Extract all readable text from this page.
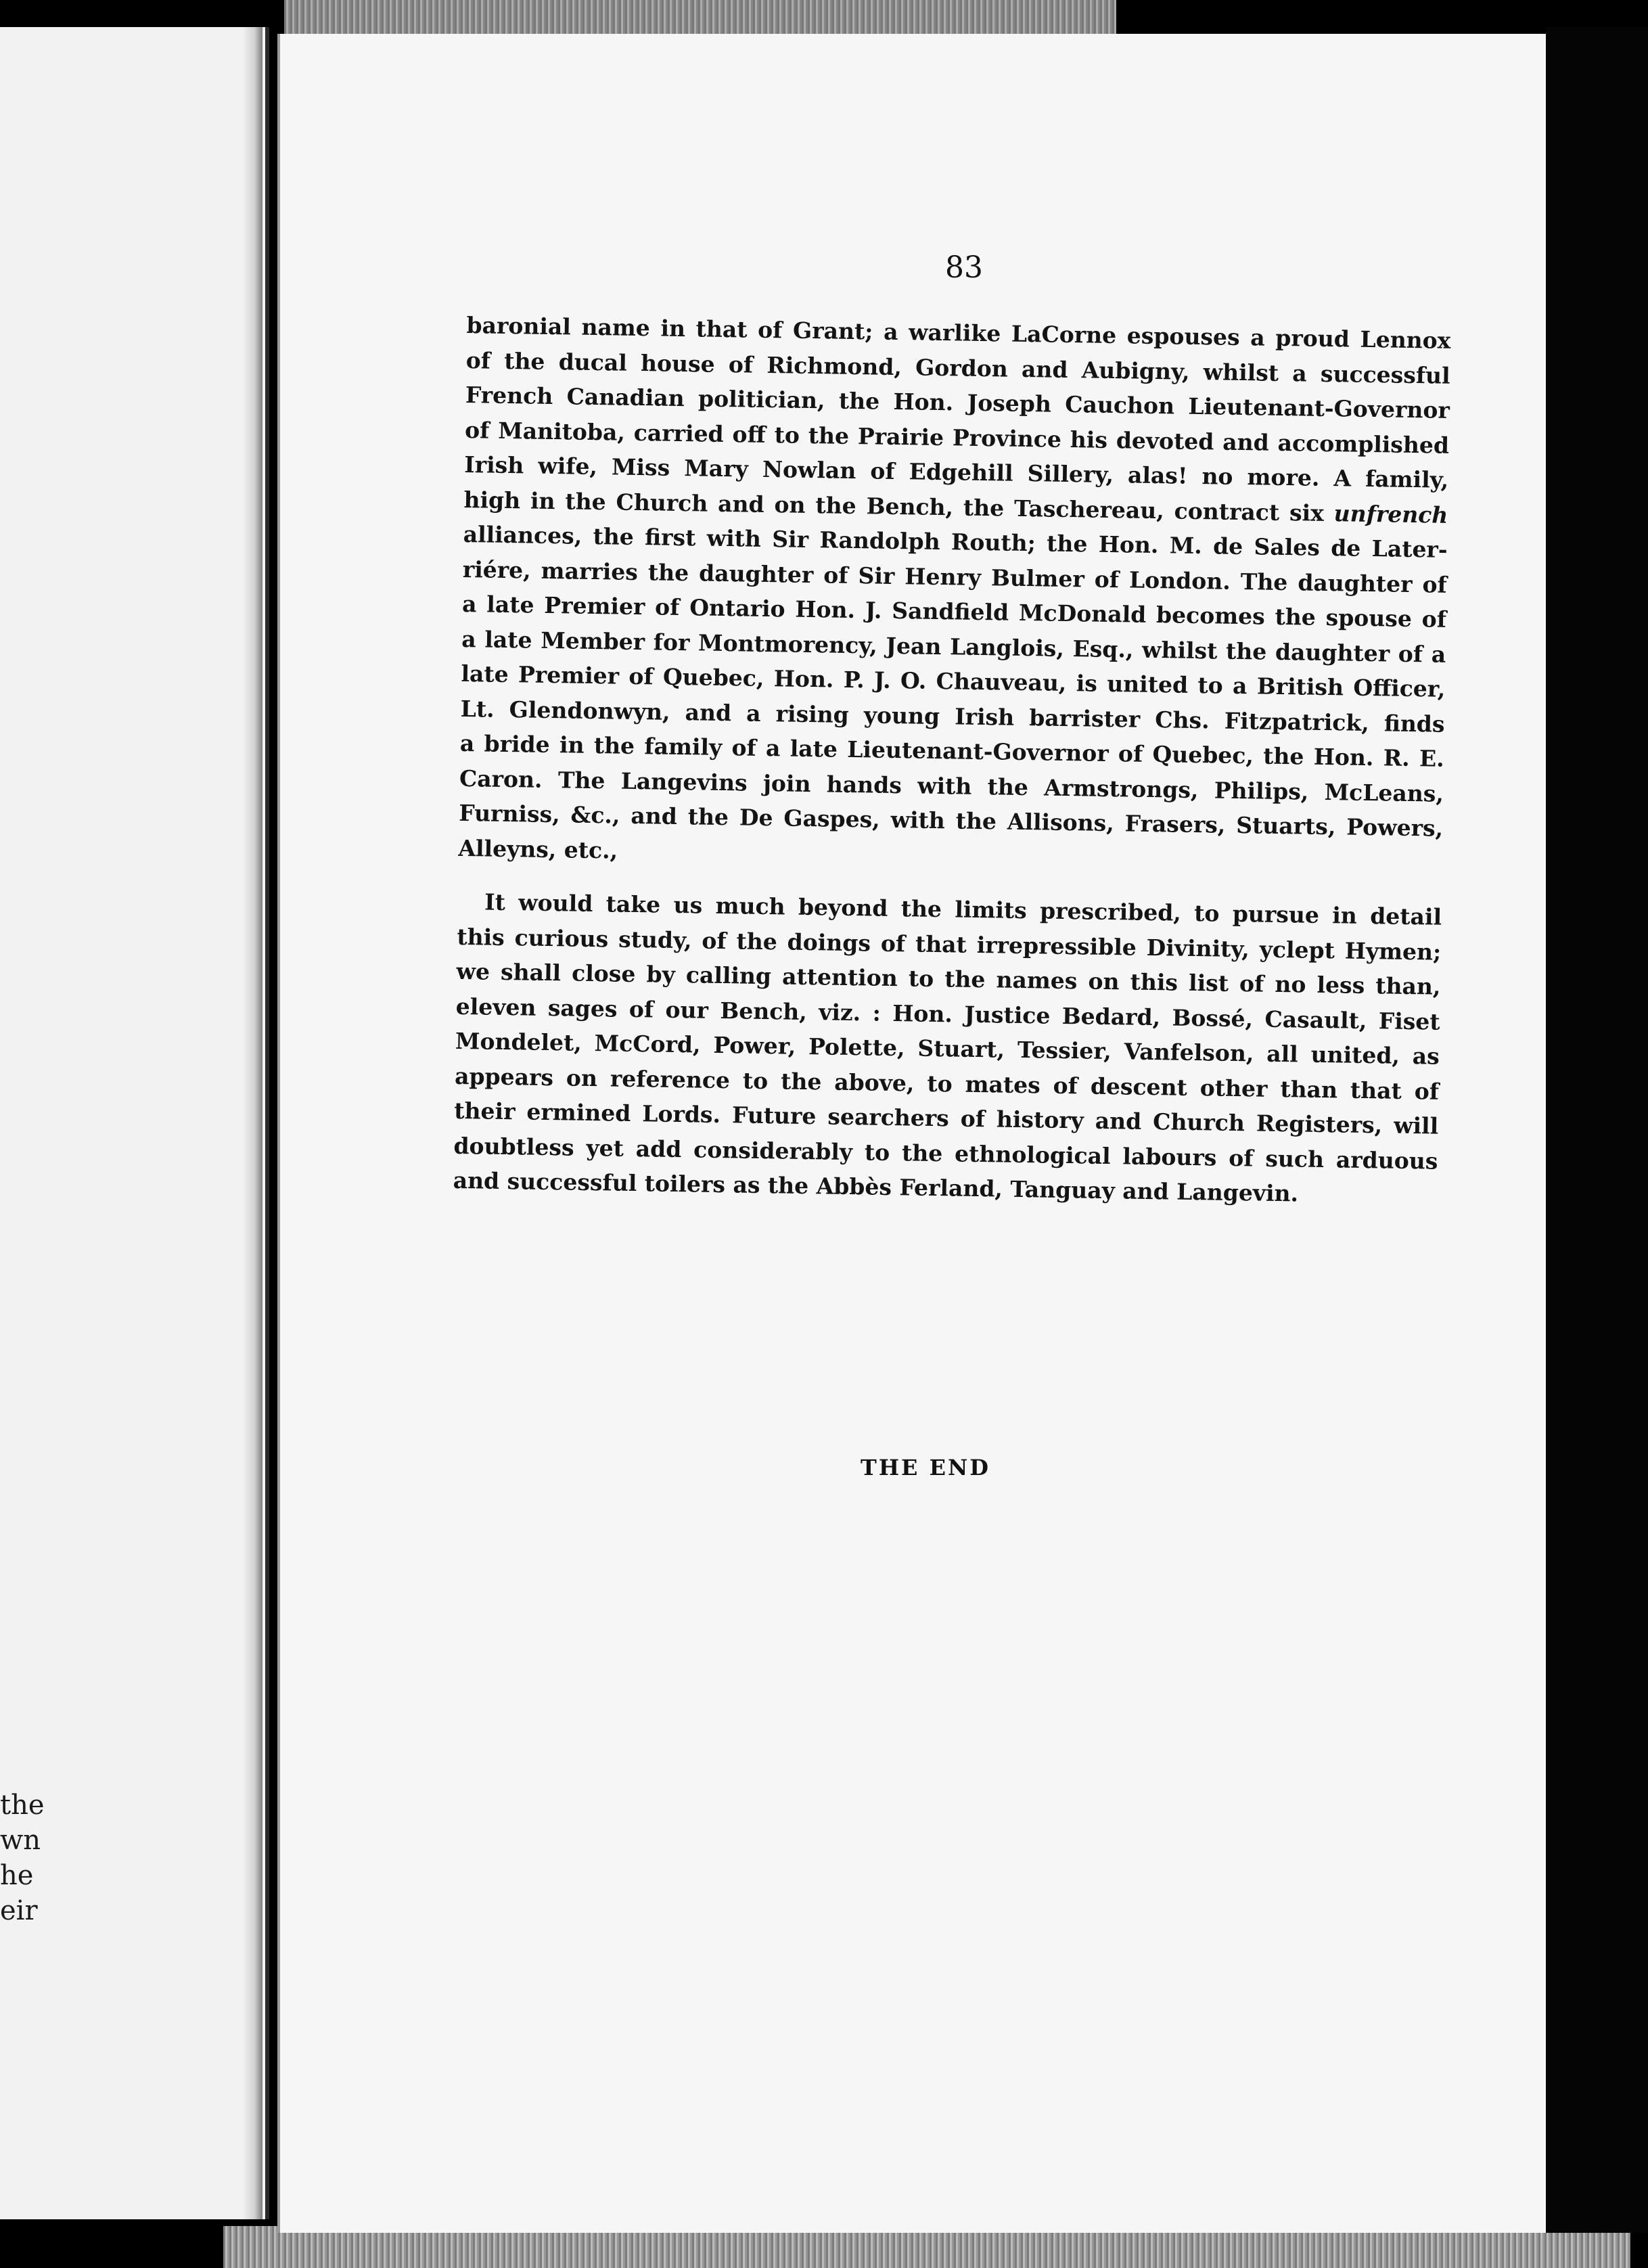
the
wn
he
eir
83

baronial name in that of Grant; a warlike LaCorne espouses a proud Lennox

of the ducal house of Richmond, Gordon and Aubigny, whilst a successful

French Canadian politician, the Hon. Joseph Cauchon Lieutenant-Governor

of Manitoba, carried off to the Prairie Province his devoted and accomplished

Irish wife, Miss Mary Nowlan of Edgehill Sillery, alas! no more. A family,

high in the Church and on the Bench, the Taschereau, contract six unfrench

alliances, the first with Sir Randolph Routh; the Hon. M. de Sales de Later-

riére, marries the daughter of Sir Henry Bulmer of London. The daughter of

a late Premier of Ontario Hon. J. Sandfield McDonald becomes the spouse of

a late Member for Montmorency, Jean Langlois, Esq., whilst the daughter of a

late Premier of Quebec, Hon. P. J. O. Chauveau, is united to a British Officer,

Lt. Glendonwyn, and a rising young Irish barrister Chs. Fitzpatrick, finds

a bride in the family of a late Lieutenant-Governor of Quebec, the Hon. R. E.

Caron. The Langevins join hands with the Armstrongs, Philips, McLeans,

Furniss, &c., and the De Gaspes, with the Allisons, Frasers, Stuarts, Powers,

Alleyns, etc.,

It would take us much beyond the limits prescribed, to pursue in detail

this curious study, of the doings of that irrepressible Divinity, yclept Hymen;

we shall close by calling attention to the names on this list of no less than,

eleven sages of our Bench, viz. : Hon. Justice Bedard, Bossé, Casault, Fiset

Mondelet, McCord, Power, Polette, Stuart, Tessier, Vanfelson, all united, as

appears on reference to the above, to mates of descent other than that of

their ermined Lords. Future searchers of history and Church Registers, will

doubtless yet add considerably to the ethnological labours of such arduous

and successful toilers as the Abbès Ferland, Tanguay and Langevin.

THE END
